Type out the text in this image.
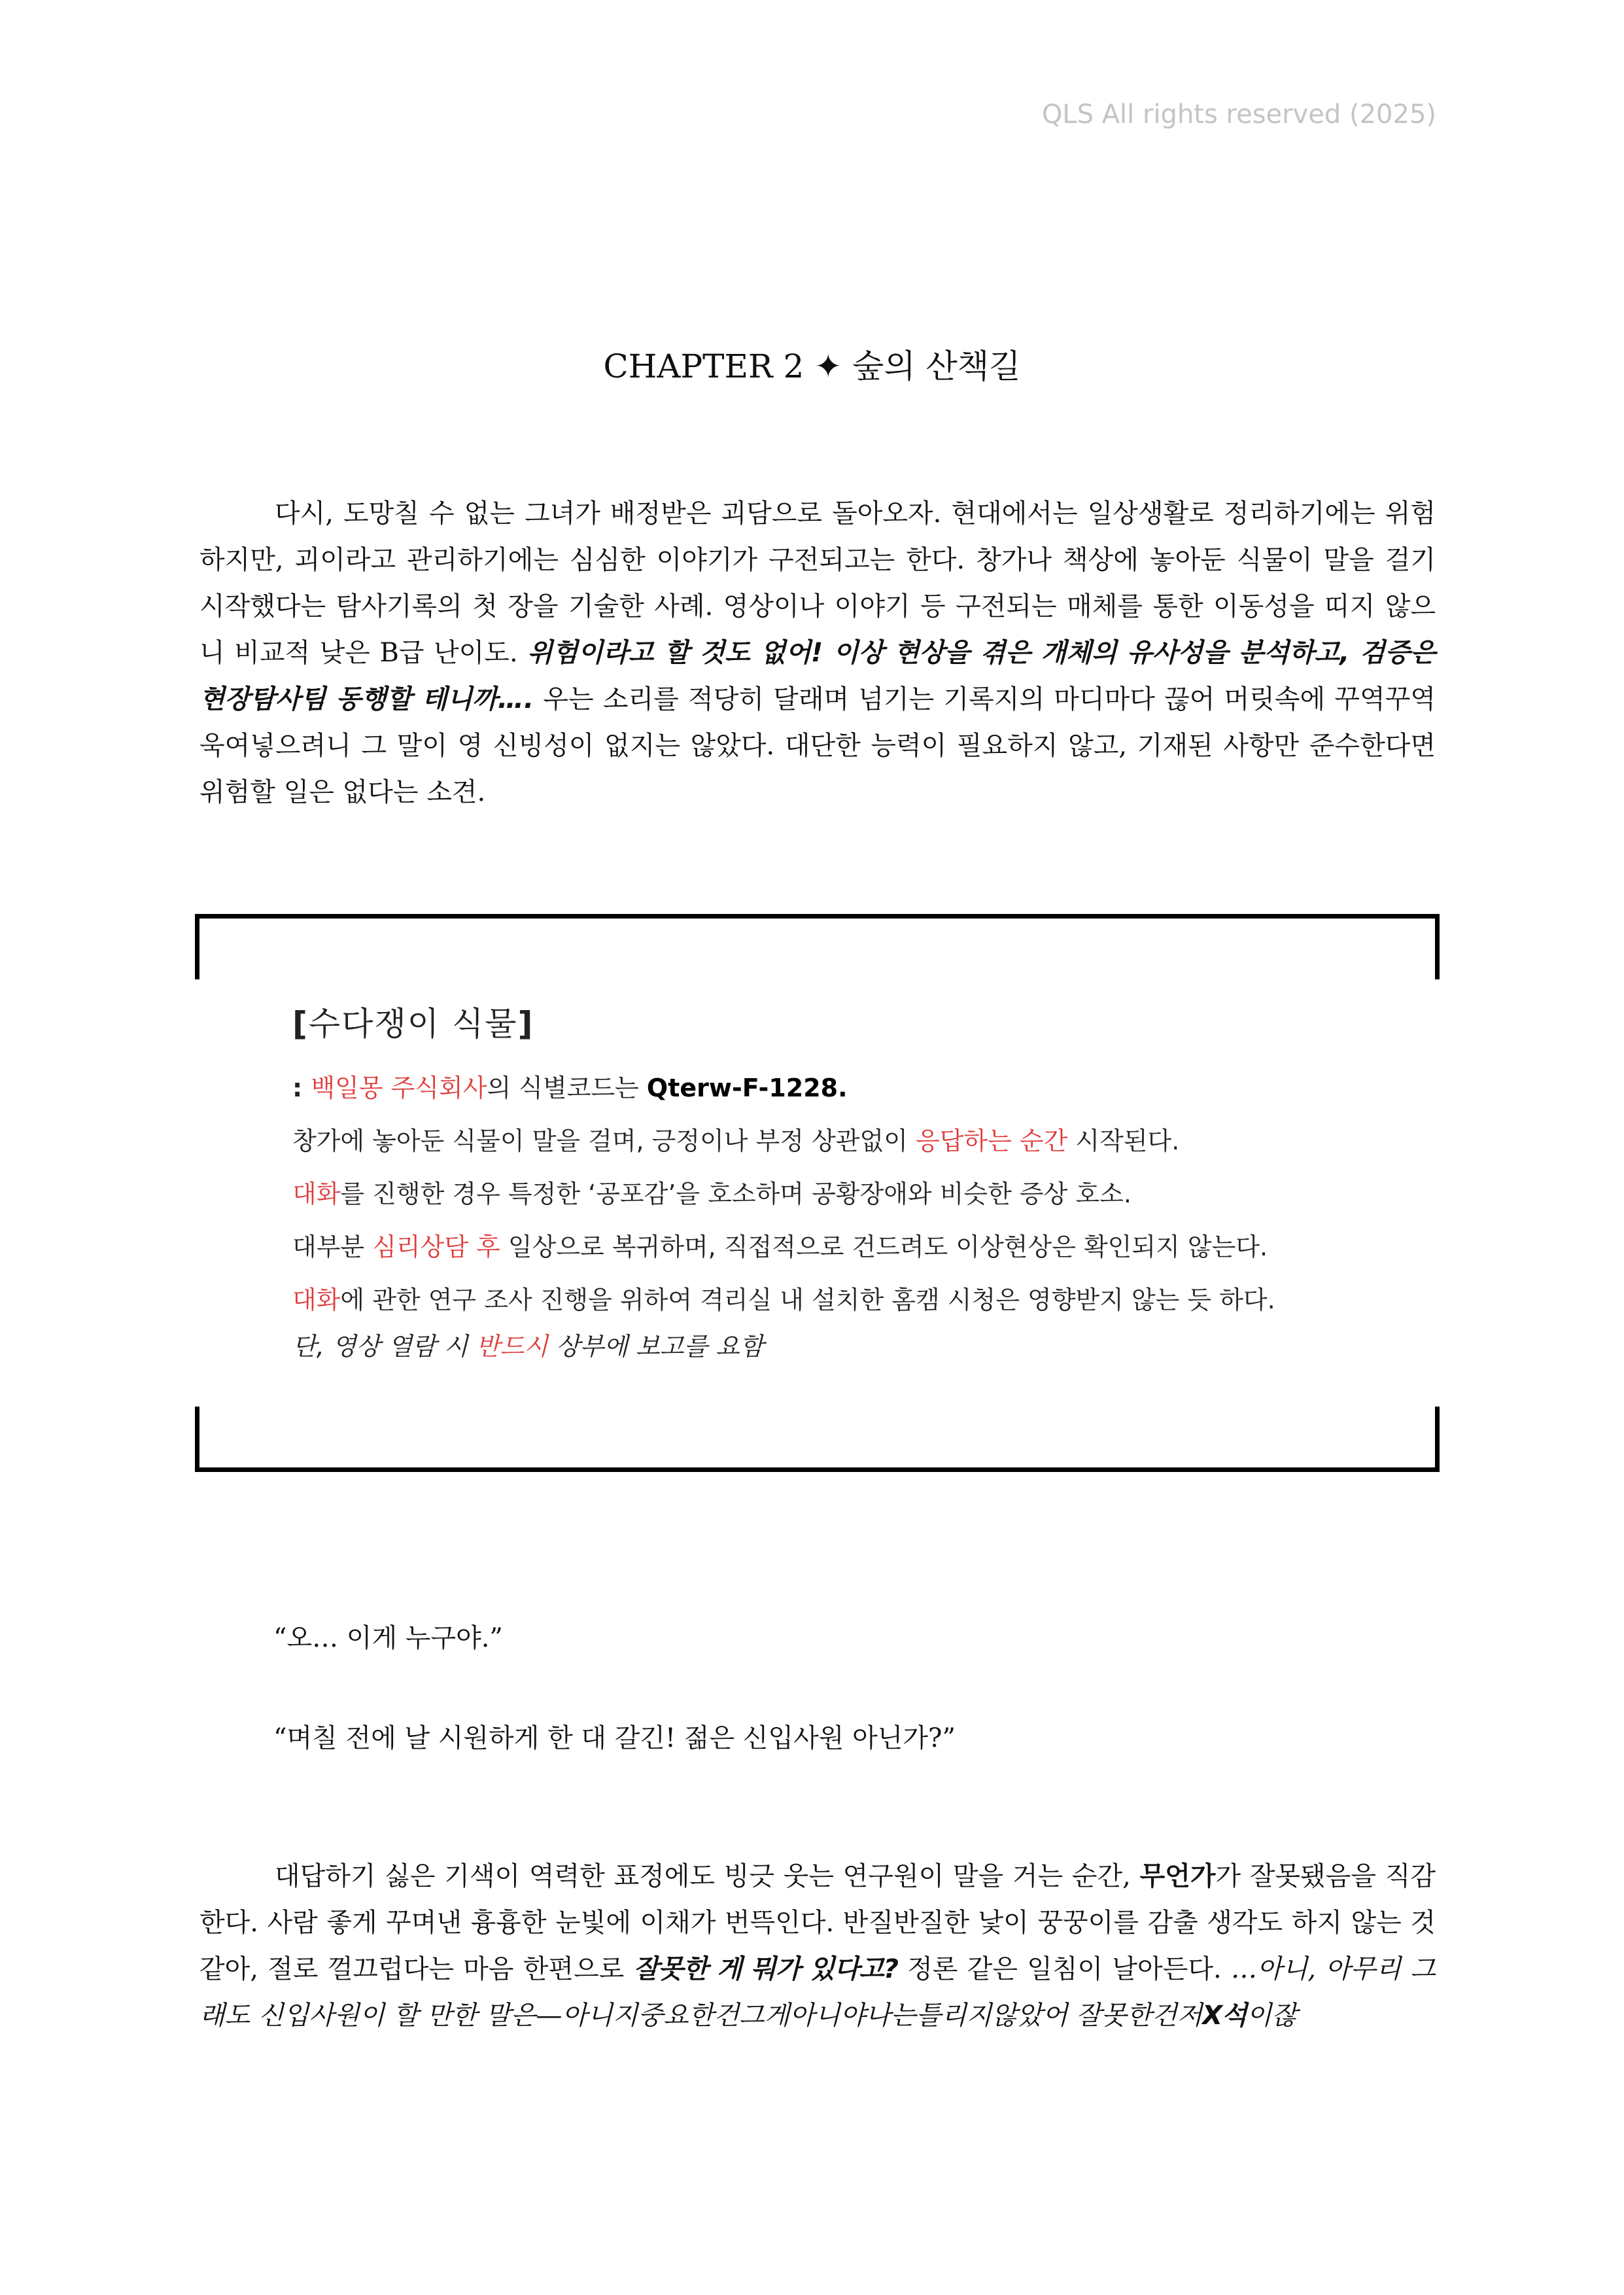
QLS All rights reserved (2025)
CHAPTER 2 ✦ 숲의 산책길

다시, 도망칠 수 없는 그녀가 배정받은 괴담으로 돌아오자. 현대에서는 일상생활로 정리하기에는 위험하지만, 괴이라고 관리하기에는 심심한 이야기가 구전되고는 한다. 창가나 책상에 놓아둔 식물이 말을 걸기 시작했다는 탐사기록의 첫 장을 기술한 사례. 영상이나 이야기 등 구전되는 매체를 통한 이동성을 띠지 않으니 비교적 낮은 B급 난이도. 위험이라고 할 것도 없어! 이상 현상을 겪은 개체의 유사성을 분석하고, 검증은 현장탐사팀 동행할 테니까…. 우는 소리를 적당히 달래며 넘기는 기록지의 마디마다 끊어 머릿속에 꾸역꾸역 욱여넣으려니 그 말이 영 신빙성이 없지는 않았다. 대단한 능력이 필요하지 않고, 기재된 사항만 준수한다면 위험할 일은 없다는 소견.

[수다쟁이 식물]

: 백일몽 주식회사의 식별코드는 Qterw-F-1228.

창가에 놓아둔 식물이 말을 걸며, 긍정이나 부정 상관없이 응답하는 순간 시작된다.

대화를 진행한 경우 특정한 ‘공포감’을 호소하며 공황장애와 비슷한 증상 호소.

대부분 심리상담 후 일상으로 복귀하며, 직접적으로 건드려도 이상현상은 확인되지 않는다.

대화에 관한 연구 조사 진행을 위하여 격리실 내 설치한 홈캠 시청은 영향받지 않는 듯 하다.

단, 영상 열람 시 반드시 상부에 보고를 요함

“오… 이게 누구야.”

“며칠 전에 날 시원하게 한 대 갈긴! 젊은 신입사원 아닌가?”

대답하기 싫은 기색이 역력한 표정에도 빙긋 웃는 연구원이 말을 거는 순간, 무언가가 잘못됐음을 직감한다. 사람 좋게 꾸며낸 흉흉한 눈빛에 이채가 번뜩인다. 반질반질한 낯이 꿍꿍이를 감출 생각도 하지 않는 것 같아, 절로 껄끄럽다는 마음 한편으로 잘못한 게 뭐가 있다고? 정론 같은 일침이 날아든다. …아니, 아무리 그래도 신입사원이 할 만한 말은—아니지중요한건그게아니야나는틀리지않았어 잘못한건저X석이잖
